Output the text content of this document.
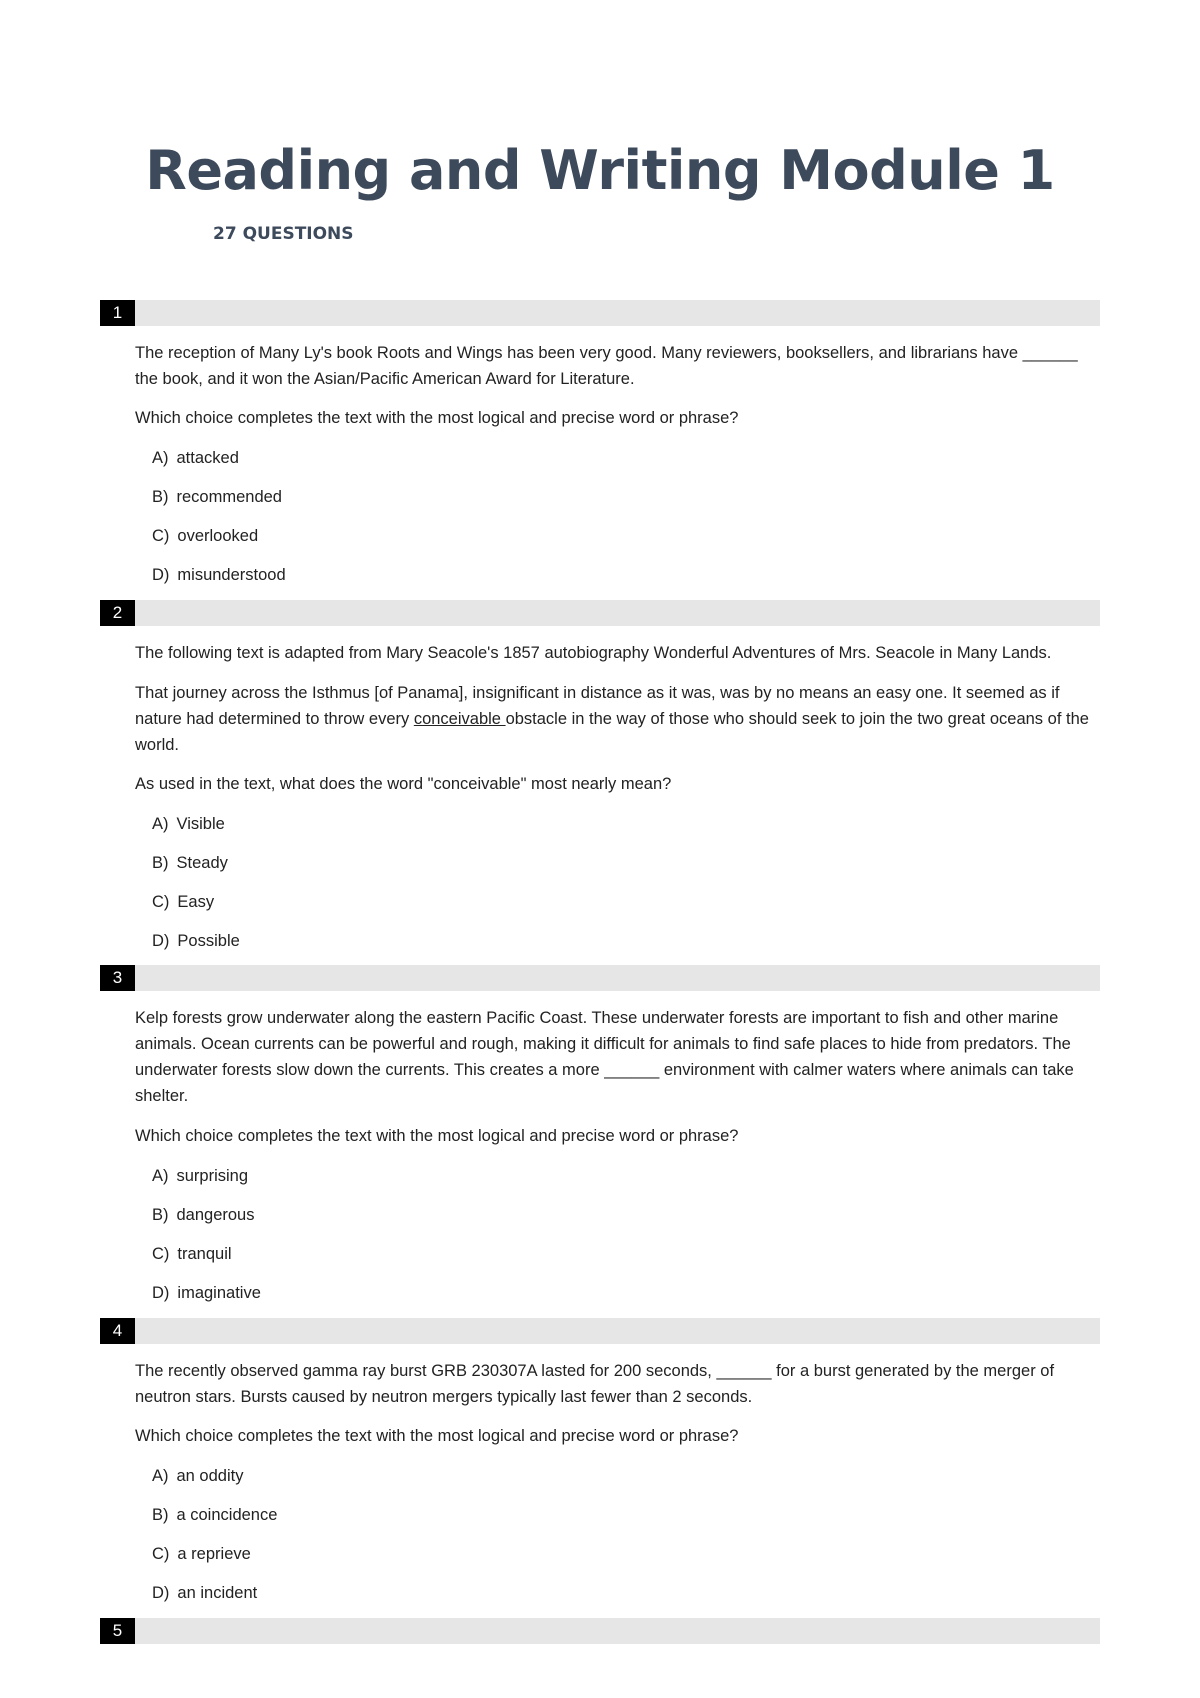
Reading and Writing Module 1

27 QUESTIONS

1

The reception of Many Ly's book Roots and Wings has been very good. Many reviewers, booksellers, and librarians have ______ the book, and it won the Asian/Pacific American Award for Literature.

Which choice completes the text with the most logical and precise word or phrase?

A) attacked

B) recommended

C) overlooked

D) misunderstood

2

The following text is adapted from Mary Seacole's 1857 autobiography Wonderful Adventures of Mrs. Seacole in Many Lands.

That journey across the Isthmus [of Panama], insignificant in distance as it was, was by no means an easy one. It seemed as if nature had determined to throw every conceivable obstacle in the way of those who should seek to join the two great oceans of the world.

As used in the text, what does the word "conceivable" most nearly mean?

A) Visible

B) Steady

C) Easy

D) Possible

3

Kelp forests grow underwater along the eastern Pacific Coast. These underwater forests are important to fish and other marine animals. Ocean currents can be powerful and rough, making it difficult for animals to find safe places to hide from predators. The underwater forests slow down the currents. This creates a more ______ environment with calmer waters where animals can take shelter.

Which choice completes the text with the most logical and precise word or phrase?

A) surprising

B) dangerous

C) tranquil

D) imaginative

4

The recently observed gamma ray burst GRB 230307A lasted for 200 seconds, ______ for a burst generated by the merger of neutron stars. Bursts caused by neutron mergers typically last fewer than 2 seconds.

Which choice completes the text with the most logical and precise word or phrase?

A) an oddity

B) a coincidence

C) a reprieve

D) an incident

5
